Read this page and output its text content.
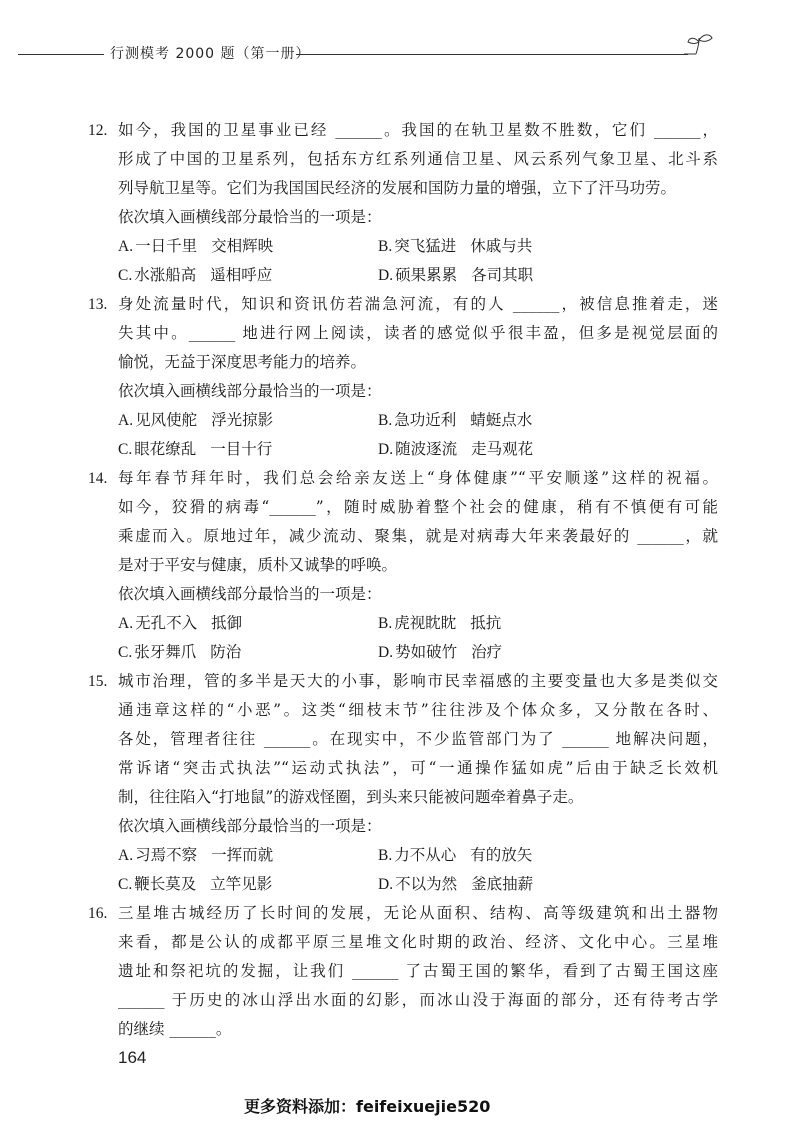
行测模考 2000 题（第一册）
12. 如今，我国的卫星事业已经 ______。我国的在轨卫星数不胜数，它们 ______，
形成了中国的卫星系列，包括东方红系列通信卫星、风云系列气象卫星、北斗系
列导航卫星等。它们为我国国民经济的发展和国防力量的增强，立下了汗马功劳。
依次填入画横线部分最恰当的一项是：
A. 一日千里 交相辉映	B. 突飞猛进 休戚与共
C. 水涨船高 遥相呼应	D. 硕果累累 各司其职
13. 身处流量时代，知识和资讯仿若湍急河流，有的人 ______，被信息推着走，迷
失其中。______ 地进行网上阅读，读者的感觉似乎很丰盈，但多是视觉层面的
愉悦，无益于深度思考能力的培养。
依次填入画横线部分最恰当的一项是：
A. 见风使舵 浮光掠影	B. 急功近利 蜻蜓点水
C. 眼花缭乱 一目十行	D. 随波逐流 走马观花
14. 每年春节拜年时，我们总会给亲友送上“身体健康”“平安顺遂”这样的祝福。
如今，狡猾的病毒“______”，随时威胁着整个社会的健康，稍有不慎便有可能
乘虚而入。原地过年，减少流动、聚集，就是对病毒大年来袭最好的 ______，就
是对于平安与健康，质朴又诚挚的呼唤。
依次填入画横线部分最恰当的一项是：
A. 无孔不入 抵御	B. 虎视眈眈 抵抗
C. 张牙舞爪 防治	D. 势如破竹 治疗
15. 城市治理，管的多半是天大的小事，影响市民幸福感的主要变量也大多是类似交
通违章这样的“小恶”。这类“细枝末节”往往涉及个体众多，又分散在各时、
各处，管理者往往 ______。在现实中，不少监管部门为了 ______ 地解决问题，
常诉诸“突击式执法”“运动式执法”，可“一通操作猛如虎”后由于缺乏长效机
制，往往陷入“打地鼠”的游戏怪圈，到头来只能被问题牵着鼻子走。
依次填入画横线部分最恰当的一项是：
A. 习焉不察 一挥而就	B. 力不从心 有的放矢
C. 鞭长莫及 立竿见影	D. 不以为然 釜底抽薪
16. 三星堆古城经历了长时间的发展，无论从面积、结构、高等级建筑和出土器物
来看，都是公认的成都平原三星堆文化时期的政治、经济、文化中心。三星堆
遗址和祭祀坑的发掘，让我们 ______ 了古蜀王国的繁华，看到了古蜀王国这座
______ 于历史的冰山浮出水面的幻影，而冰山没于海面的部分，还有待考古学
的继续 ______。
164
更多资料添加：feifeixuejie520
